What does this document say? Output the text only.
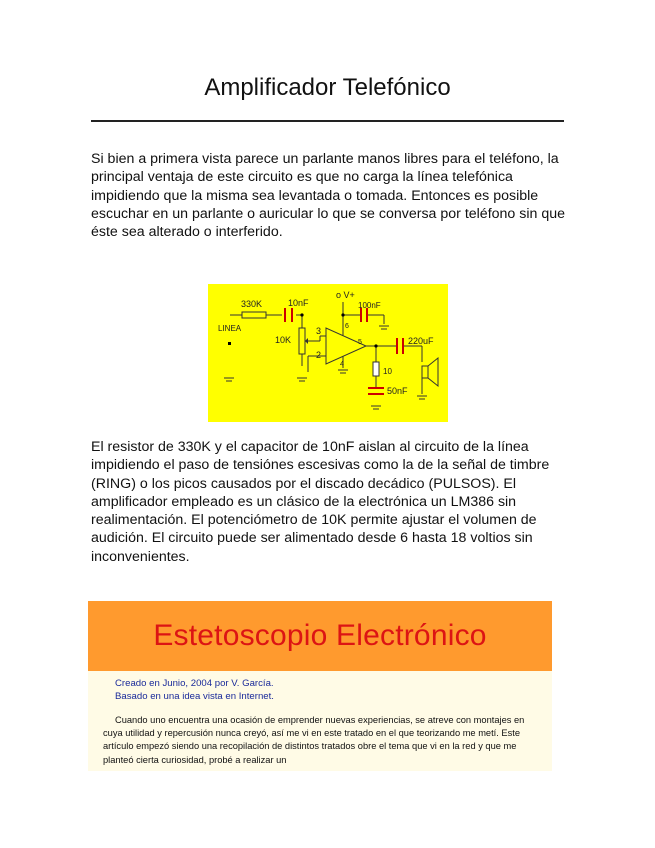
Amplificador Telefónico

Si bien a primera vista parece un parlante manos libres para el teléfono, la principal ventaja de este circuito es que no carga la línea telefónica impidiendo que la misma sea levantada o tomada. Entonces es posible escuchar en un parlante o auricular lo que se conversa por teléfono sin que éste sea alterado o interferido.

330K	10nF
o V+
100nF
LINEA
10K
3
2
4
5
6
220uF
10
50nF

El resistor de 330K y el capacitor de 10nF aislan al circuito de la línea impidiendo el paso de tensiónes escesivas como la de la señal de timbre (RING) o los picos causados por el discado decádico (PULSOS). El amplificador empleado es un clásico de la electrónica un LM386 sin realimentación. El potenciómetro de 10K permite ajustar el volumen de audición. El circuito puede ser alimentado desde 6 hasta 18 voltios sin inconvenientes.

Estetoscopio Electrónico
Creado en Junio, 2004 por V. García.
Basado en una idea vista en Internet.
Cuando uno encuentra una ocasión de emprender nuevas experiencias, se atreve con montajes en cuya utilidad y repercusión nunca creyó, así me vi en este tratado en el que teorizando me metí. Este artículo empezó siendo una recopilación de distintos tratados obre el tema que vi en la red y que me planteó cierta curiosidad, probé a realizar un
